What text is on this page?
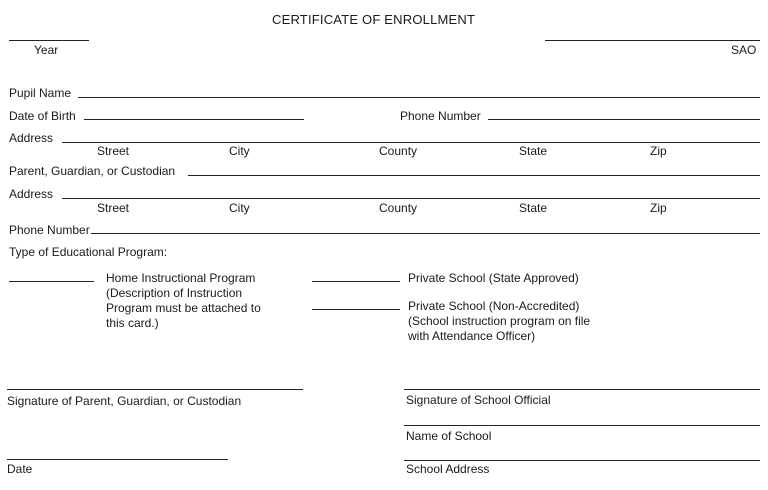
CERTIFICATE OF ENROLLMENT
Year	SAO
Pupil Name
Date of Birth	Phone Number
Address
Street	City	County	State	Zip
Parent, Guardian, or Custodian
Address
Street	City	County	State	Zip
Phone Number
Type of Educational Program:
Home Instructional Program
(Description of Instruction Program must be attached to this card.)
Private School (State Approved)
Private School (Non-Accredited)
(School instruction program on file with Attendance Officer)
Signature of Parent, Guardian, or Custodian
Date
Signature of School Official
Name of School
School Address
